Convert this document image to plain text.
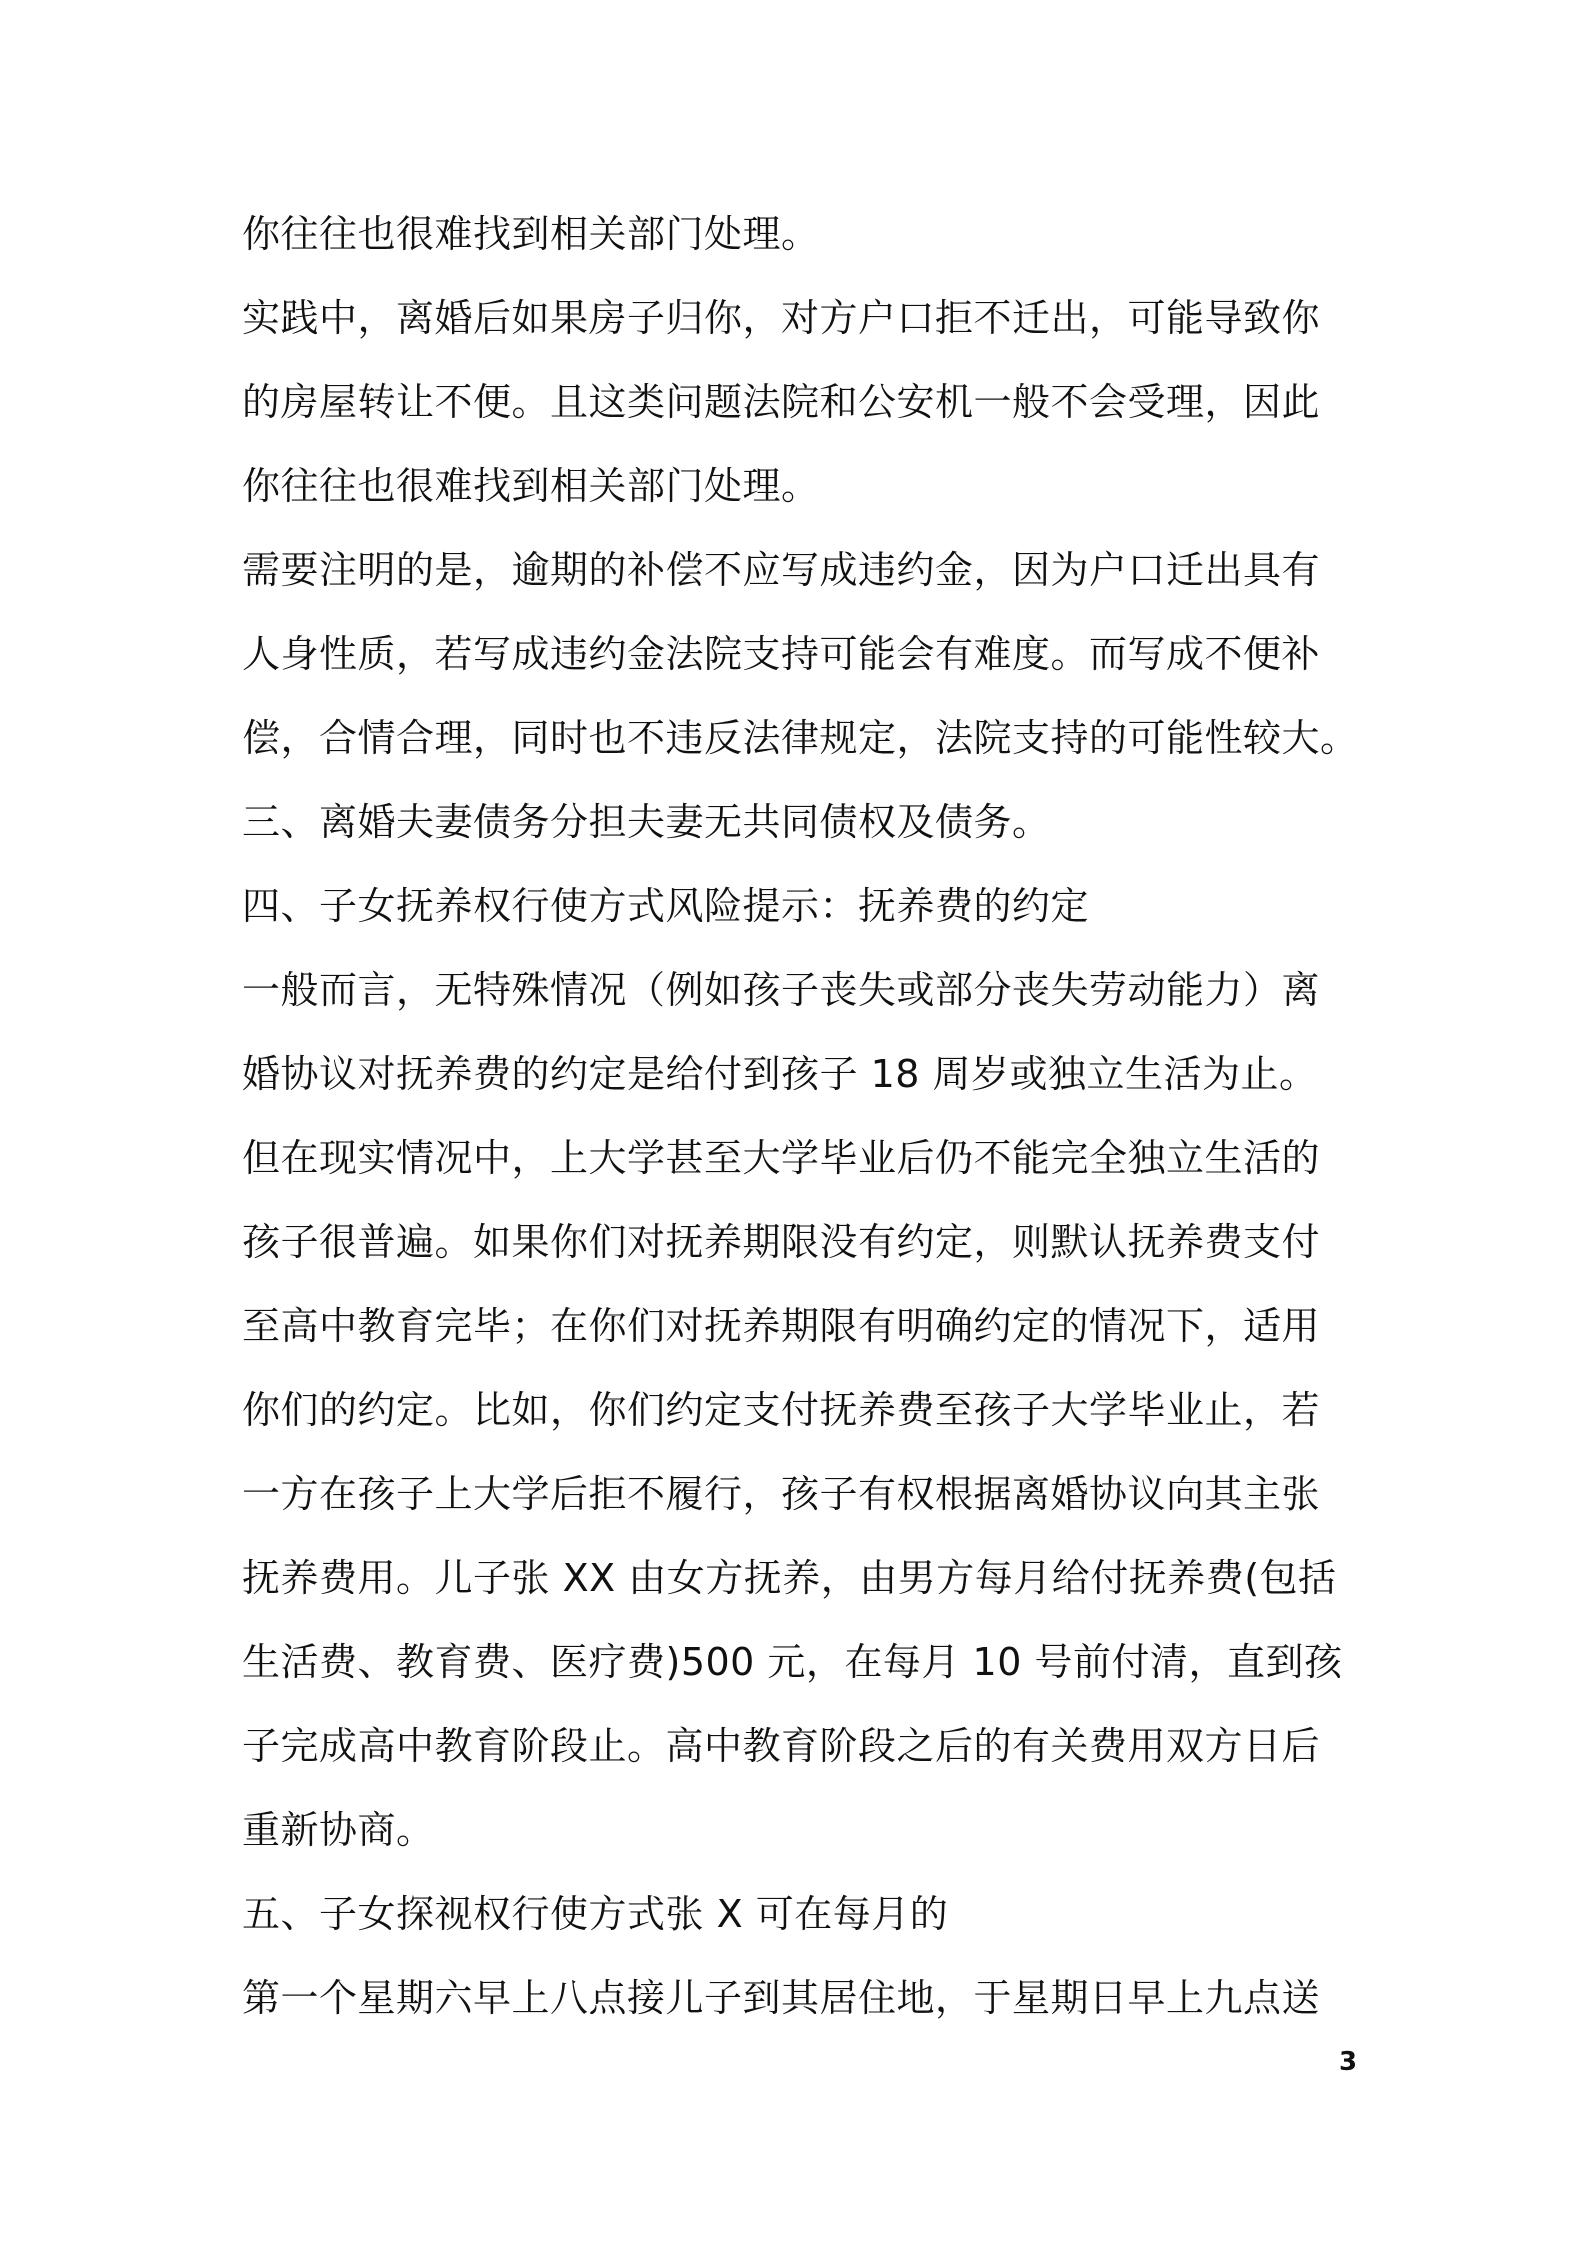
你往往也很难找到相关部门处理。
实践中，离婚后如果房子归你，对方户口拒不迁出，可能导致你
的房屋转让不便。且这类问题法院和公安机一般不会受理，因此
你往往也很难找到相关部门处理。
需要注明的是，逾期的补偿不应写成违约金，因为户口迁出具有
人身性质，若写成违约金法院支持可能会有难度。而写成不便补
偿，合情合理，同时也不违反法律规定，法院支持的可能性较大。
三、离婚夫妻债务分担夫妻无共同债权及债务。
四、子女抚养权行使方式风险提示：抚养费的约定
一般而言，无特殊情况（例如孩子丧失或部分丧失劳动能力）离
婚协议对抚养费的约定是给付到孩子 18 周岁或独立生活为止。
但在现实情况中，上大学甚至大学毕业后仍不能完全独立生活的
孩子很普遍。如果你们对抚养期限没有约定，则默认抚养费支付
至高中教育完毕；在你们对抚养期限有明确约定的情况下，适用
你们的约定。比如，你们约定支付抚养费至孩子大学毕业止，若
一方在孩子上大学后拒不履行，孩子有权根据离婚协议向其主张
抚养费用。儿子张 XX 由女方抚养，由男方每月给付抚养费(包括
生活费、教育费、医疗费)500 元，在每月 10 号前付清，直到孩
子完成高中教育阶段止。高中教育阶段之后的有关费用双方日后
重新协商。
五、子女探视权行使方式张 X 可在每月的
第一个星期六早上八点接儿子到其居住地，于星期日早上九点送
3
